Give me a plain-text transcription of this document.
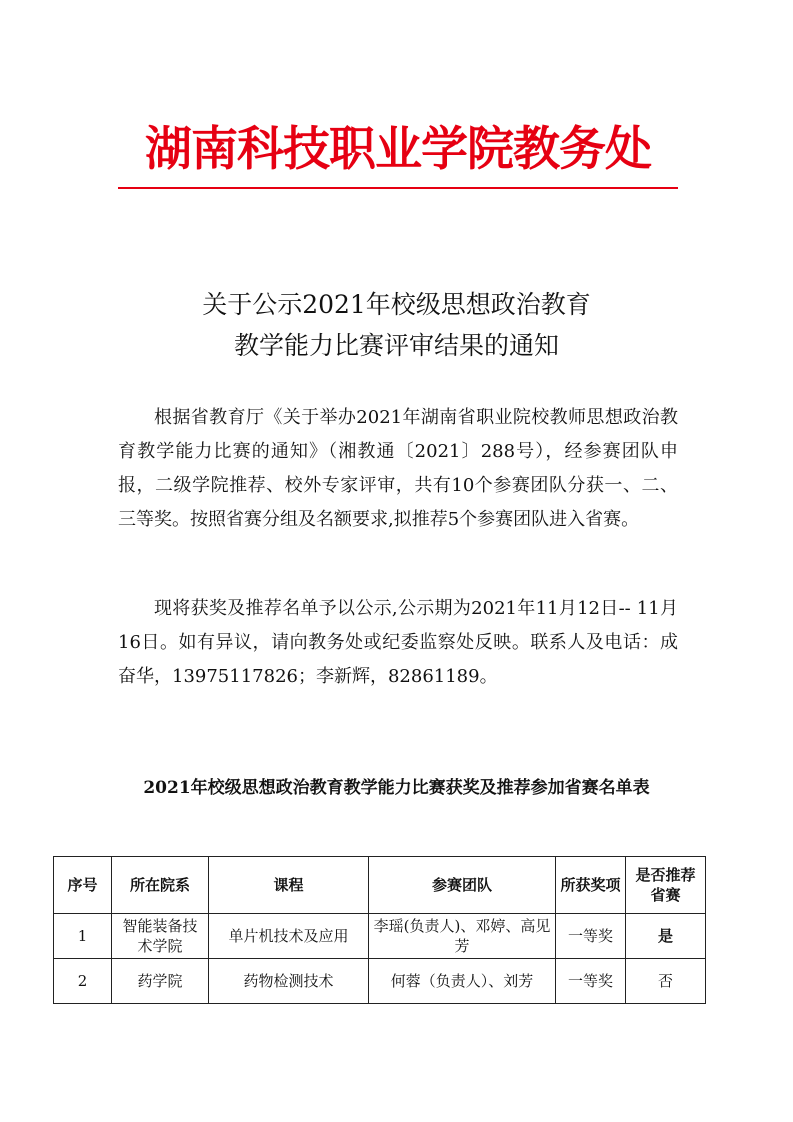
湖南科技职业学院教务处
关于公示2021年校级思想政治教育
教学能力比赛评审结果的通知

根据省教育厅《关于举办2021年湖南省职业院校教师思想政治教育教学能力比赛的通知》（湘教通〔2021〕288号），经参赛团队申报，二级学院推荐、校外专家评审，共有10个参赛团队分获一、二、三等奖。按照省赛分组及名额要求,拟推荐5个参赛团队进入省赛。

现将获奖及推荐名单予以公示,公示期为2021年11月12日-- 11月16日。如有异议，请向教务处或纪委监察处反映。联系人及电话：成奋华，13975117826；李新辉，82861189。

2021年校级思想政治教育教学能力比赛获奖及推荐参加省赛名单表
序号	所在院系	课程	参赛团队	所获奖项	是否推荐省赛
1	智能装备技术学院	单片机技术及应用	李瑶(负责人)、邓婷、高见芳	一等奖	是
2	药学院	药物检测技术	何蓉（负责人）、刘芳	一等奖	否
